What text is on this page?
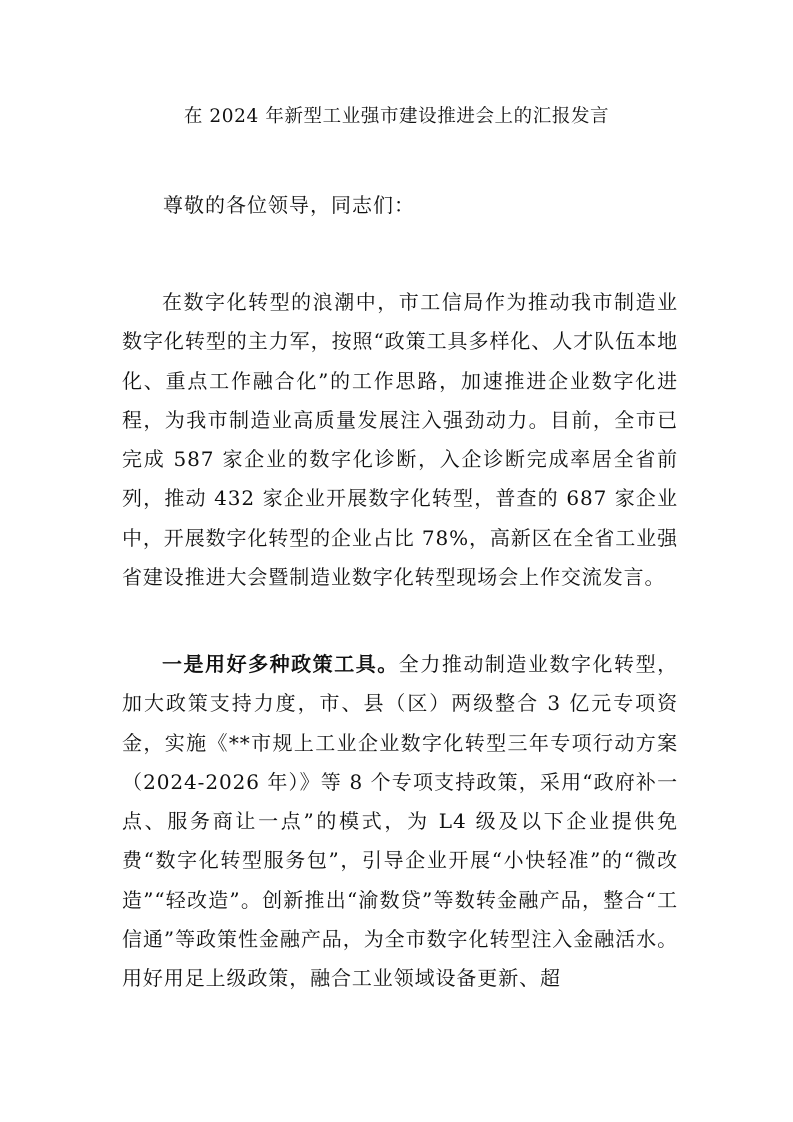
在 2024 年新型工业强市建设推进会上的汇报发言
尊敬的各位领导，同志们：

在数字化转型的浪潮中，市工信局作为推动我市制造业数字化转型的主力军，按照“政策工具多样化、人才队伍本地化、重点工作融合化”的工作思路，加速推进企业数字化进程，为我市制造业高质量发展注入强劲动力。目前，全市已完成 587 家企业的数字化诊断，入企诊断完成率居全省前列，推动 432 家企业开展数字化转型，普查的 687 家企业中，开展数字化转型的企业占比 78%，高新区在全省工业强省建设推进大会暨制造业数字化转型现场会上作交流发言。

一是用好多种政策工具。全力推动制造业数字化转型，加大政策支持力度，市、县（区）两级整合 3 亿元专项资金，实施《**市规上工业企业数字化转型三年专项行动方案（2024-2026 年）》等 8 个专项支持政策，采用“政府补一点、服务商让一点”的模式，为 L4 级及以下企业提供免费“数字化转型服务包”，引导企业开展“小快轻准”的“微改造”“轻改造”。创新推出“渝数贷”等数转金融产品，整合“工信通”等政策性金融产品，为全市数字化转型注入金融活水。用好用足上级政策，融合工业领域设备更新、超
